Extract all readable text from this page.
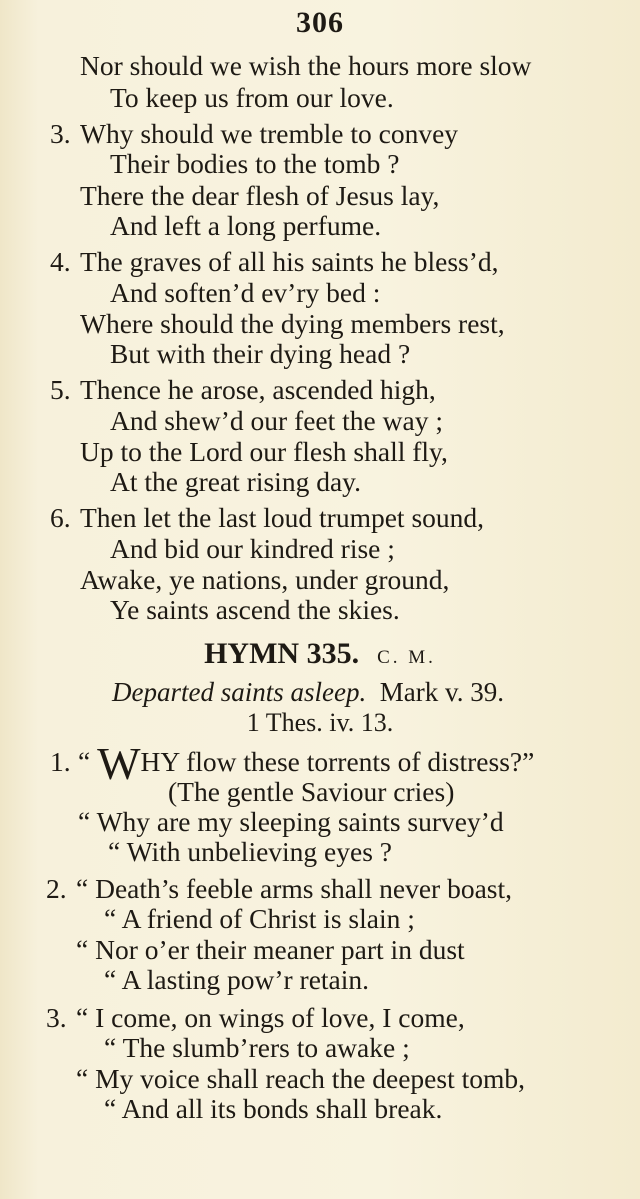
306
Nor should we wish the hours more slow
To keep us from our love.
3. Why should we tremble to convey
Their bodies to the tomb ?
There the dear flesh of Jesus lay,
And left a long perfume.
4. The graves of all his saints he bless’d,
And soften’d ev’ry bed :
Where should the dying members rest,
But with their dying head ?
5. Thence he arose, ascended high,
And shew’d our feet the way ;
Up to the Lord our flesh shall fly,
At the great rising day.
6. Then let the last loud trumpet sound,
And bid our kindred rise ;
Awake, ye nations, under ground,
Ye saints ascend the skies.
HYMN 335. C. M.
Departed saints asleep. Mark v. 39.
1 Thes. iv. 13.
1. “ WHY flow these torrents of distress?”
(The gentle Saviour cries)
“ Why are my sleeping saints survey’d
“ With unbelieving eyes ?
2. “ Death’s feeble arms shall never boast,
“ A friend of Christ is slain ;
“ Nor o’er their meaner part in dust
“ A lasting pow’r retain.
3. “ I come, on wings of love, I come,
“ The slumb’rers to awake ;
“ My voice shall reach the deepest tomb,
“ And all its bonds shall break.
